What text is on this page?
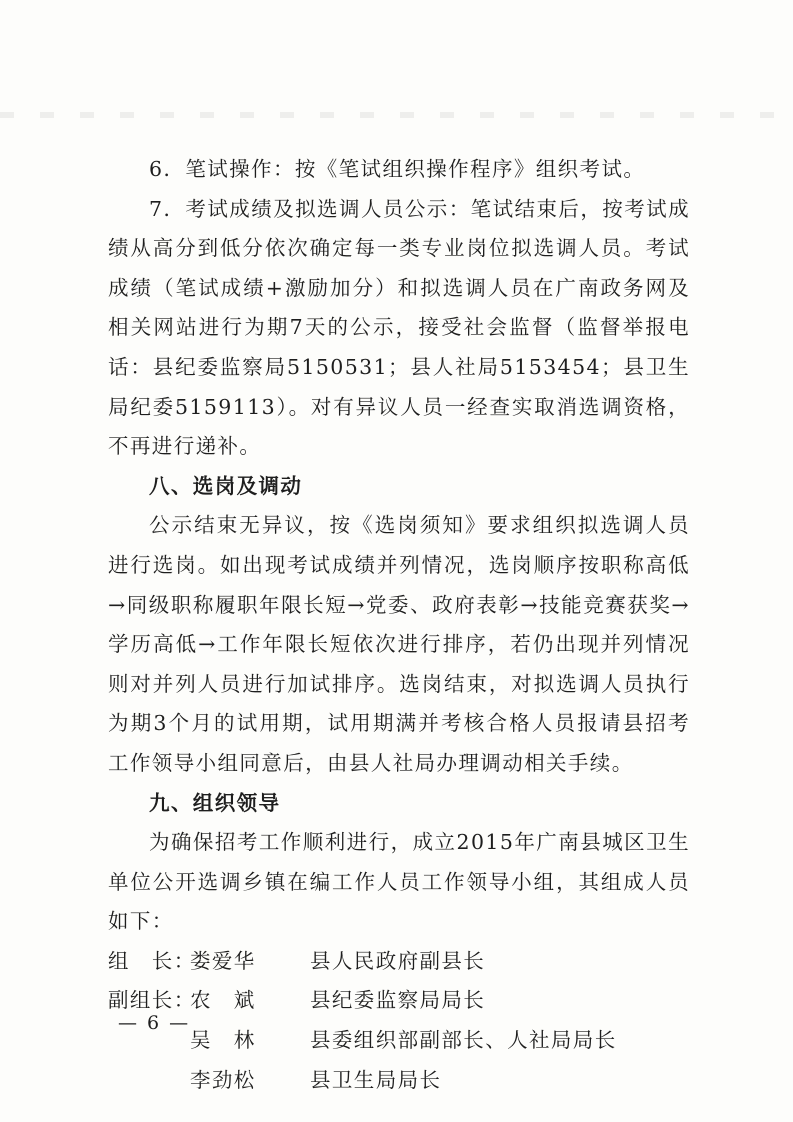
6．笔试操作：按《笔试组织操作程序》组织考试。

7．考试成绩及拟选调人员公示：笔试结束后，按考试成绩从高分到低分依次确定每一类专业岗位拟选调人员。考试成绩（笔试成绩+激励加分）和拟选调人员在广南政务网及相关网站进行为期7天的公示，接受社会监督（监督举报电话：县纪委监察局5150531；县人社局5153454；县卫生局纪委5159113）。对有异议人员一经查实取消选调资格，不再进行递补。

八、选岗及调动

公示结束无异议，按《选岗须知》要求组织拟选调人员进行选岗。如出现考试成绩并列情况，选岗顺序按职称高低→同级职称履职年限长短→党委、政府表彰→技能竞赛获奖→学历高低→工作年限长短依次进行排序，若仍出现并列情况则对并列人员进行加试排序。选岗结束，对拟选调人员执行为期3个月的试用期，试用期满并考核合格人员报请县招考工作领导小组同意后，由县人社局办理调动相关手续。

九、组织领导

为确保招考工作顺利进行，成立2015年广南县城区卫生单位公开选调乡镇在编工作人员工作领导小组，其组成人员如下：

组　长：
娄爱华	县人民政府副县长
副组长：
农　斌	县纪委监察局局长
吴　林	县委组织部副部长、人社局局长
李劲松	县卫生局局长
— 6 —
